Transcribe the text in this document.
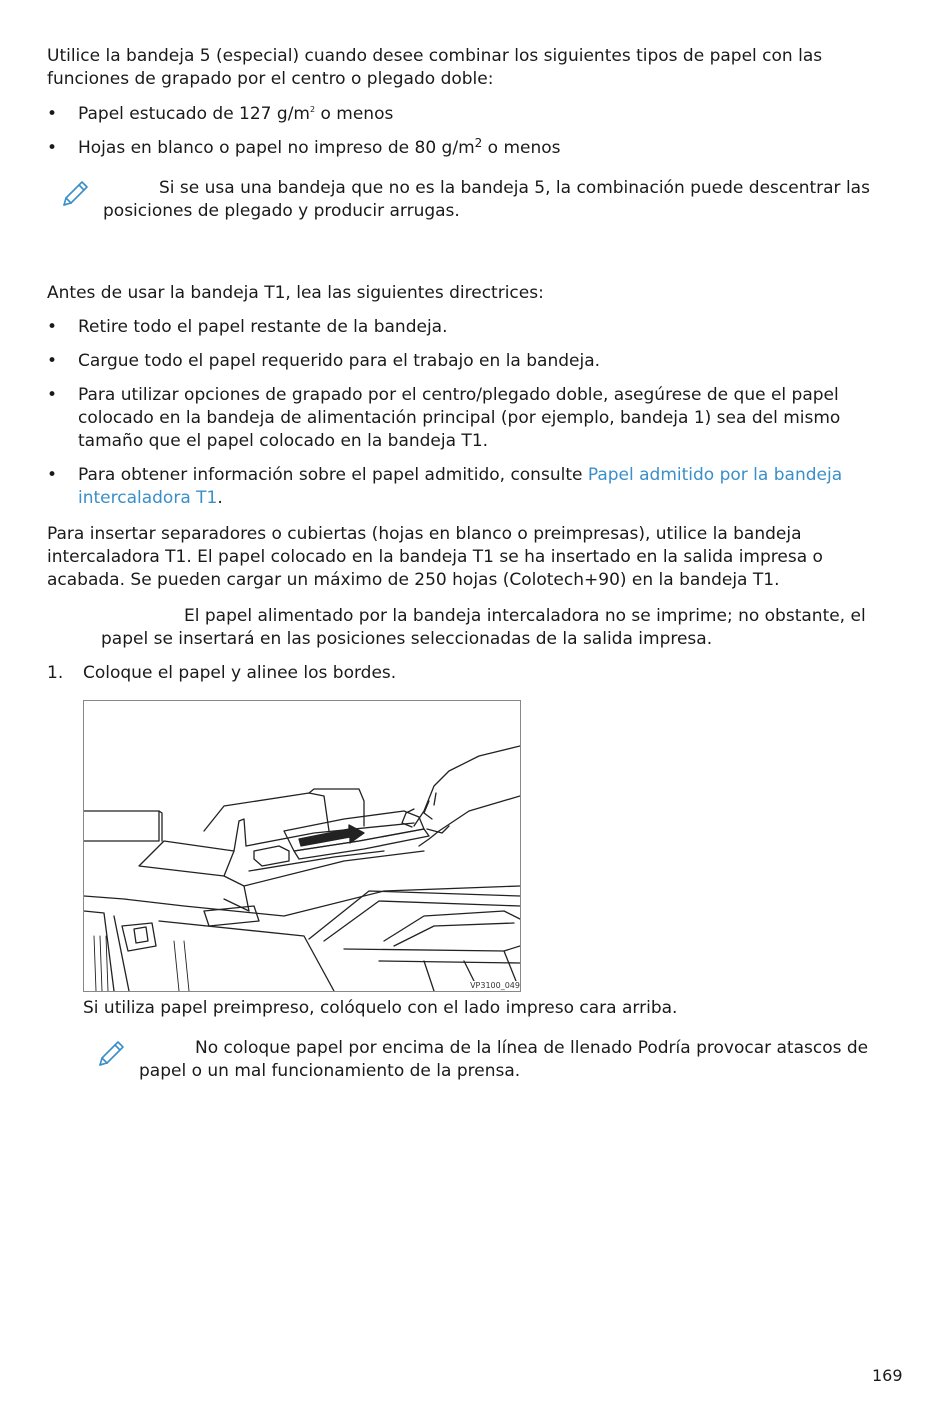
Utilice la bandeja 5 (especial) cuando desee combinar los siguientes tipos de papel con las funciones de grapado por el centro o plegado doble:

•	Papel estucado de 127 $g/m^2$ o menos

•	Hojas en blanco o papel no impreso de 80 $g/m^2$ o menos

Si se usa una bandeja que no es la bandeja 5, la combinación puede descentrar las posiciones de plegado y producir arrugas.

Antes de usar la bandeja T1, lea las siguientes directrices:

•	Retire todo el papel restante de la bandeja.

•	Cargue todo el papel requerido para el trabajo en la bandeja.

•	Para utilizar opciones de grapado por el centro/plegado doble, asegúrese de que el papel colocado en la bandeja de alimentación principal (por ejemplo, bandeja 1) sea del mismo tamaño que el papel colocado en la bandeja T1.

•	Para obtener información sobre el papel admitido, consulte Papel admitido por la bandeja intercaladora T1.

Para insertar separadores o cubiertas (hojas en blanco o preimpresas), utilice la bandeja intercaladora T1. El papel colocado en la bandeja T1 se ha insertado en la salida impresa o acabada. Se pueden cargar un máximo de 250 hojas (Colotech+90) en la bandeja T1.

El papel alimentado por la bandeja intercaladora no se imprime; no obstante, el papel se insertará en las posiciones seleccionadas de la salida impresa.

1. Coloque el papel y alinee los bordes.

VP3100_049

Si utiliza papel preimpreso, colóquelo con el lado impreso cara arriba.

No coloque papel por encima de la línea de llenado Podría provocar atascos de papel o un mal funcionamiento de la prensa.

169
